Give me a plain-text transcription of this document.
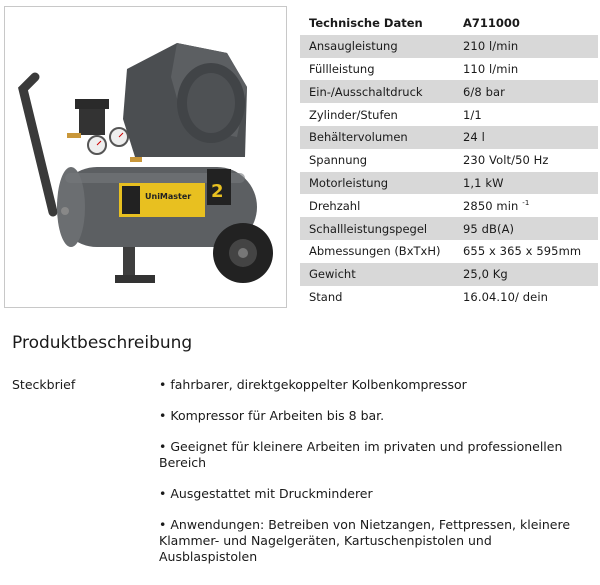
UniMaster 2
Technische Daten	A711000
Ansaugleistung	210 l/min
Füllleistung	110 l/min
Ein-/Ausschaltdruck	6/8 bar
Zylinder/Stufen	1/1
Behältervolumen	24 l
Spannung	230 Volt/50 Hz
Motorleistung	1,1 kW
Drehzahl	2850 min $^{-1}$
Schallleistungspegel	95 dB(A)
Abmessungen (BxTxH)	655 x 365 x 595mm
Gewicht	25,0 Kg
Stand	16.04.10/ dein
Produktbeschreibung
Steckbrief	• fahrbarer, direktgekoppelter Kolbenkompressor
• Kompressor für Arbeiten bis 8 bar.
• Geeignet für kleinere Arbeiten im privaten und professionellen Bereich
• Ausgestattet mit Druckminderer
• Anwendungen: Betreiben von Nietzangen, Fettpressen, kleinere Klammer- und Nagelgeräten, Kartuschenpistolen und Ausblaspistolen
